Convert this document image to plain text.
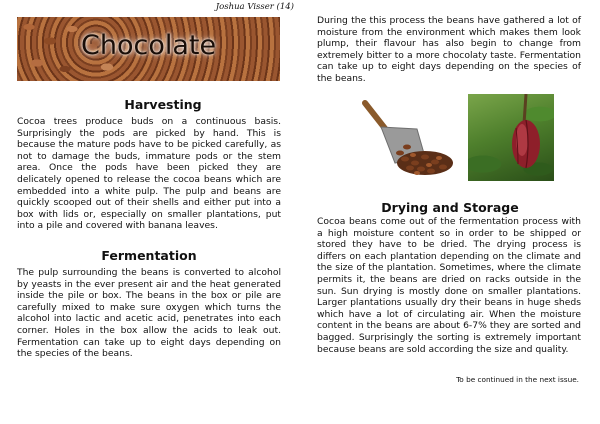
Joshua Visser (14)
Chocolate
Harvesting

Cocoa trees produce buds on a continuous basis. Surprisingly the pods are picked by hand. This is because the mature pods have to be picked carefully, as not to damage the buds, immature pods or the stem area. Once the pods have been picked they are delicately opened to release the cocoa beans which are embedded into a white pulp. The pulp and beans are quickly scooped out of their shells and either put into a box with lids or, especially on smaller plantations, put into a pile and covered with banana leaves.

Fermentation

The pulp surrounding the beans is converted to alcohol by yeasts in the ever present air and the heat generated inside the pile or box. The beans in the box or pile are carefully mixed to make sure oxygen which turns the alcohol into lactic and acetic acid, penetrates into each corner. Holes in the box allow the acids to leak out. Fermentation can take up to eight days depending on the species of the beans.

During the this process the beans have gathered a lot of moisture from the environment which makes them look plump, their flavour has also begin to change from extremely bitter to a more chocolaty taste. Fermentation can take up to eight days depending on the species of the beans.

Drying and Storage

Cocoa beans come out of the fermentation process with a high moisture content so in order to be shipped or stored they have to be dried. The drying process is differs on each plantation depending on the climate and the size of the plantation. Sometimes, where the climate permits it, the beans are dried on racks outside in the sun. Sun drying is mostly done on smaller plantations. Larger plantations usually dry their beans in huge sheds which have a lot of circulating air. When the moisture content in the beans are about 6-7% they are sorted and bagged. Surprisingly the sorting is extremely important because beans are sold according the size and quality.

To be continued in the next issue.
